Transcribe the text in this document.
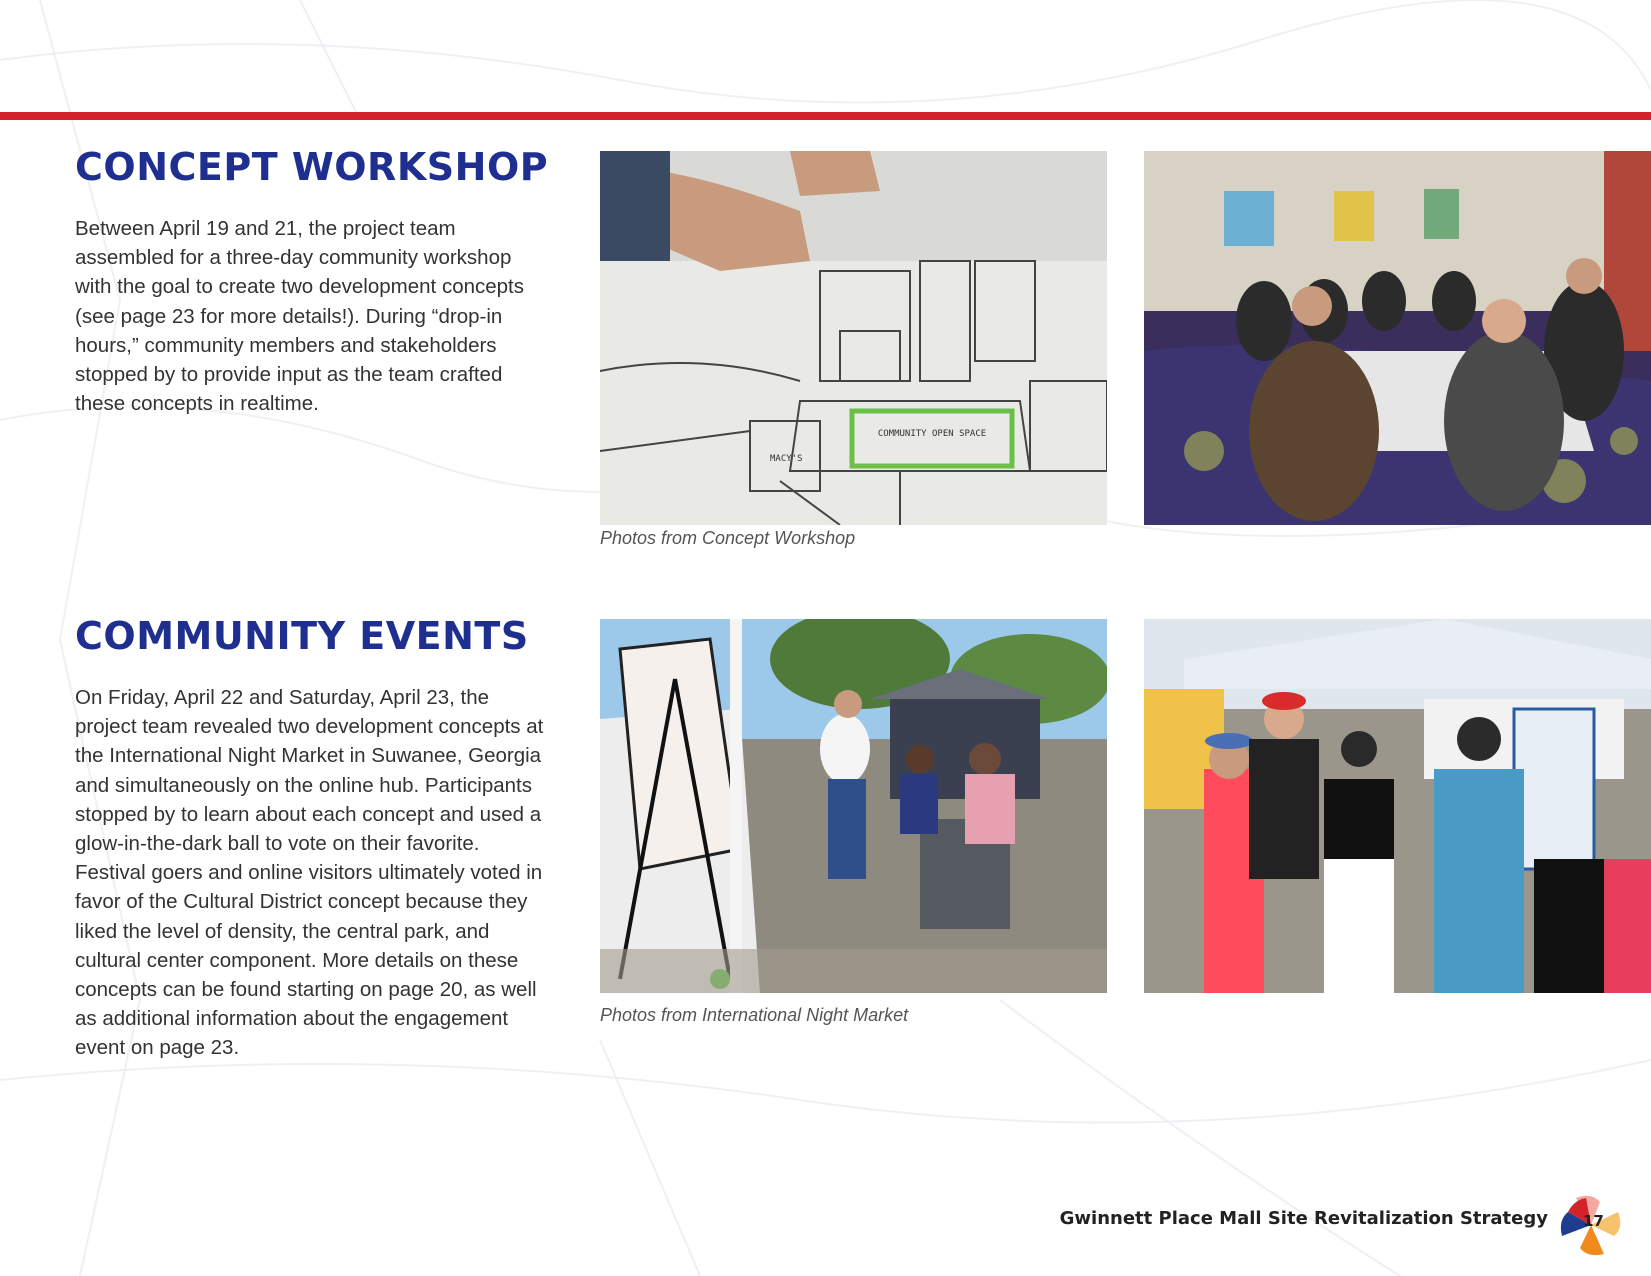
CONCEPT WORKSHOP

Between April 19 and 21, the project team assembled for a three-day community workshop with the goal to create two development concepts (see page 23 for more details!). During “drop-in hours,” community members and stakeholders stopped by to provide input as the team crafted these concepts in realtime.

COMMUNITY OPEN SPACE
MACY'S
Photos from Concept Workshop
COMMUNITY EVENTS

On Friday, April 22 and Saturday, April 23, the project team revealed two development concepts at the International Night Market in Suwanee, Georgia and simultaneously on the online hub. Participants stopped by to learn about each concept and used a glow-in-the-dark ball to vote on their favorite. Festival goers and online visitors ultimately voted in favor of the Cultural District concept because they liked the level of density, the central park, and cultural center component. More details on these concepts can be found starting on page 20, as well as additional information about the engagement event on page 23.

Photos from International Night Market
Gwinnett Place Mall Site Revitalization Strategy 17
